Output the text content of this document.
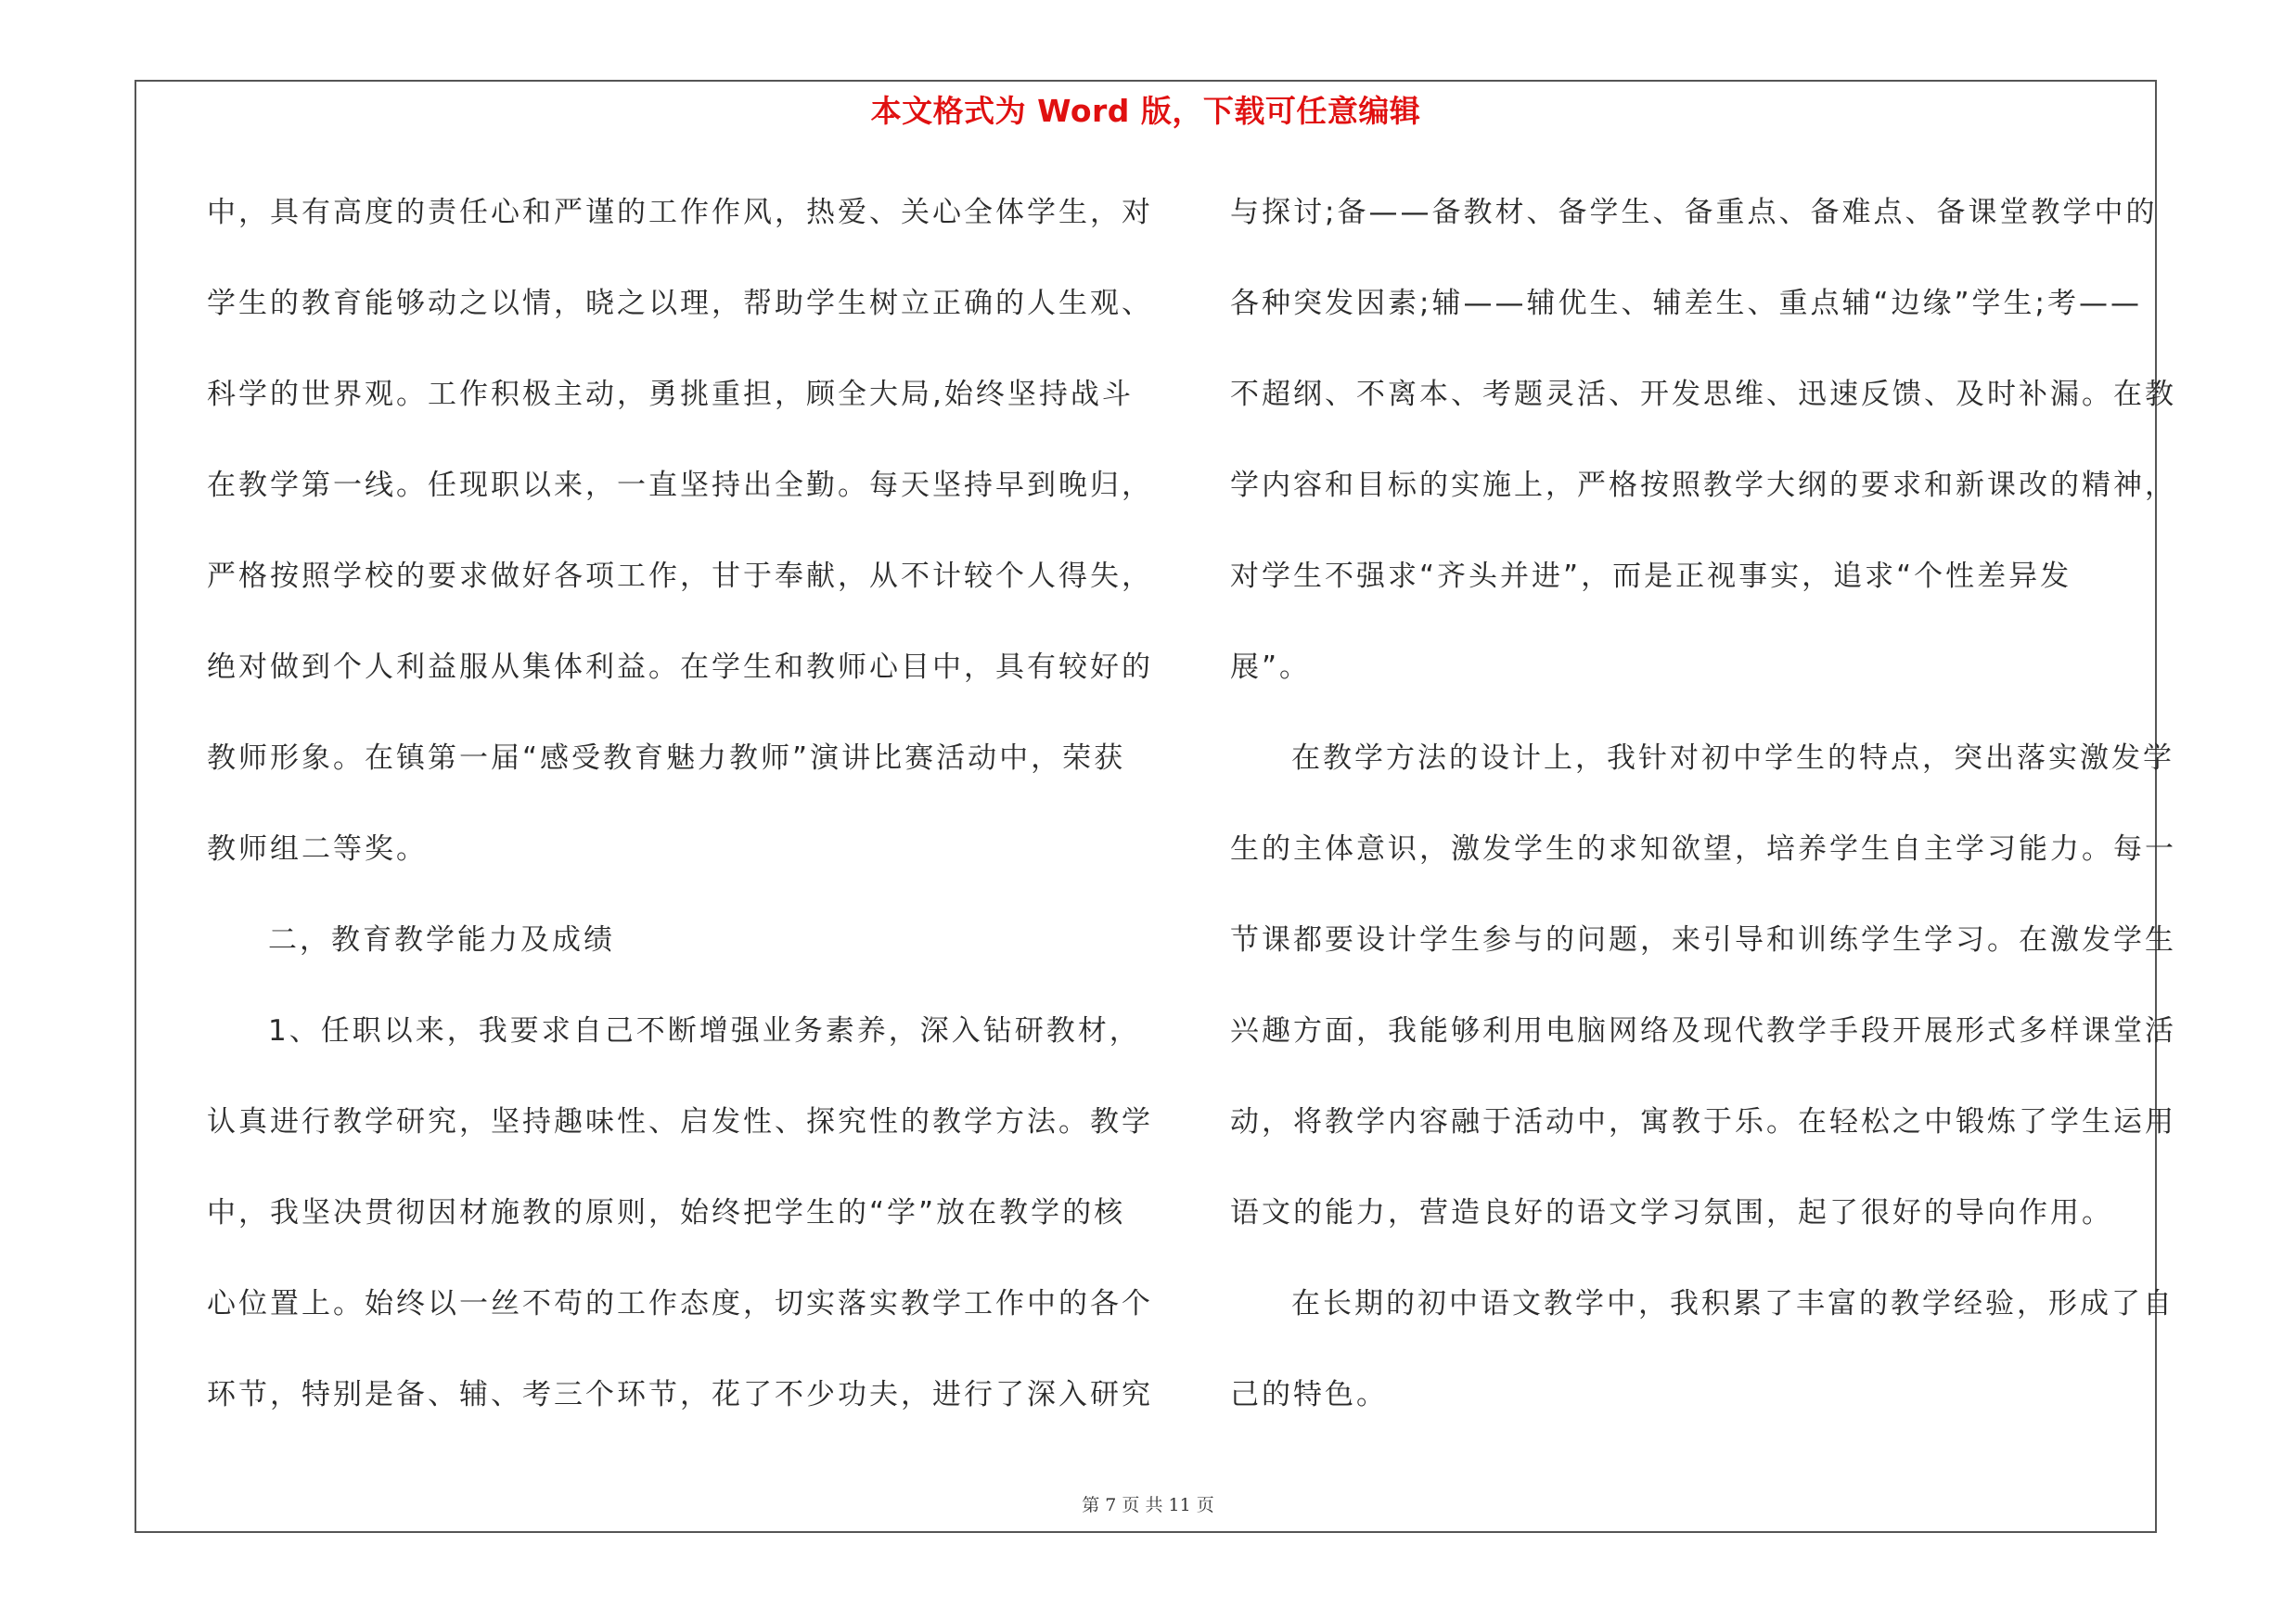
本文格式为 Word 版，下载可任意编辑
中，具有高度的责任心和严谨的工作作风，热爱、关心全体学生，对
学生的教育能够动之以情，晓之以理，帮助学生树立正确的人生观、
科学的世界观。工作积极主动，勇挑重担，顾全大局,始终坚持战斗
在教学第一线。任现职以来，一直坚持出全勤。每天坚持早到晚归，
严格按照学校的要求做好各项工作，甘于奉献，从不计较个人得失，
绝对做到个人利益服从集体利益。在学生和教师心目中，具有较好的
教师形象。在镇第一届“感受教育魅力教师”演讲比赛活动中，荣获
教师组二等奖。
二，教育教学能力及成绩
1、任职以来，我要求自己不断增强业务素养，深入钻研教材，
认真进行教学研究，坚持趣味性、启发性、探究性的教学方法。教学
中，我坚决贯彻因材施教的原则，始终把学生的“学”放在教学的核
心位置上。始终以一丝不苟的工作态度，切实落实教学工作中的各个
环节，特别是备、辅、考三个环节，花了不少功夫，进行了深入研究
与探讨;备——备教材、备学生、备重点、备难点、备课堂教学中的
各种突发因素;辅——辅优生、辅差生、重点辅“边缘”学生;考——
不超纲、不离本、考题灵活、开发思维、迅速反馈、及时补漏。在教
学内容和目标的实施上，严格按照教学大纲的要求和新课改的精神，
对学生不强求“齐头并进”，而是正视事实，追求“个性差异发
展”。
在教学方法的设计上，我针对初中学生的特点，突出落实激发学
生的主体意识，激发学生的求知欲望，培养学生自主学习能力。每一
节课都要设计学生参与的问题，来引导和训练学生学习。在激发学生
兴趣方面，我能够利用电脑网络及现代教学手段开展形式多样课堂活
动，将教学内容融于活动中，寓教于乐。在轻松之中锻炼了学生运用
语文的能力，营造良好的语文学习氛围，起了很好的导向作用。
在长期的初中语文教学中，我积累了丰富的教学经验，形成了自
己的特色。
第 7 页 共 11 页
